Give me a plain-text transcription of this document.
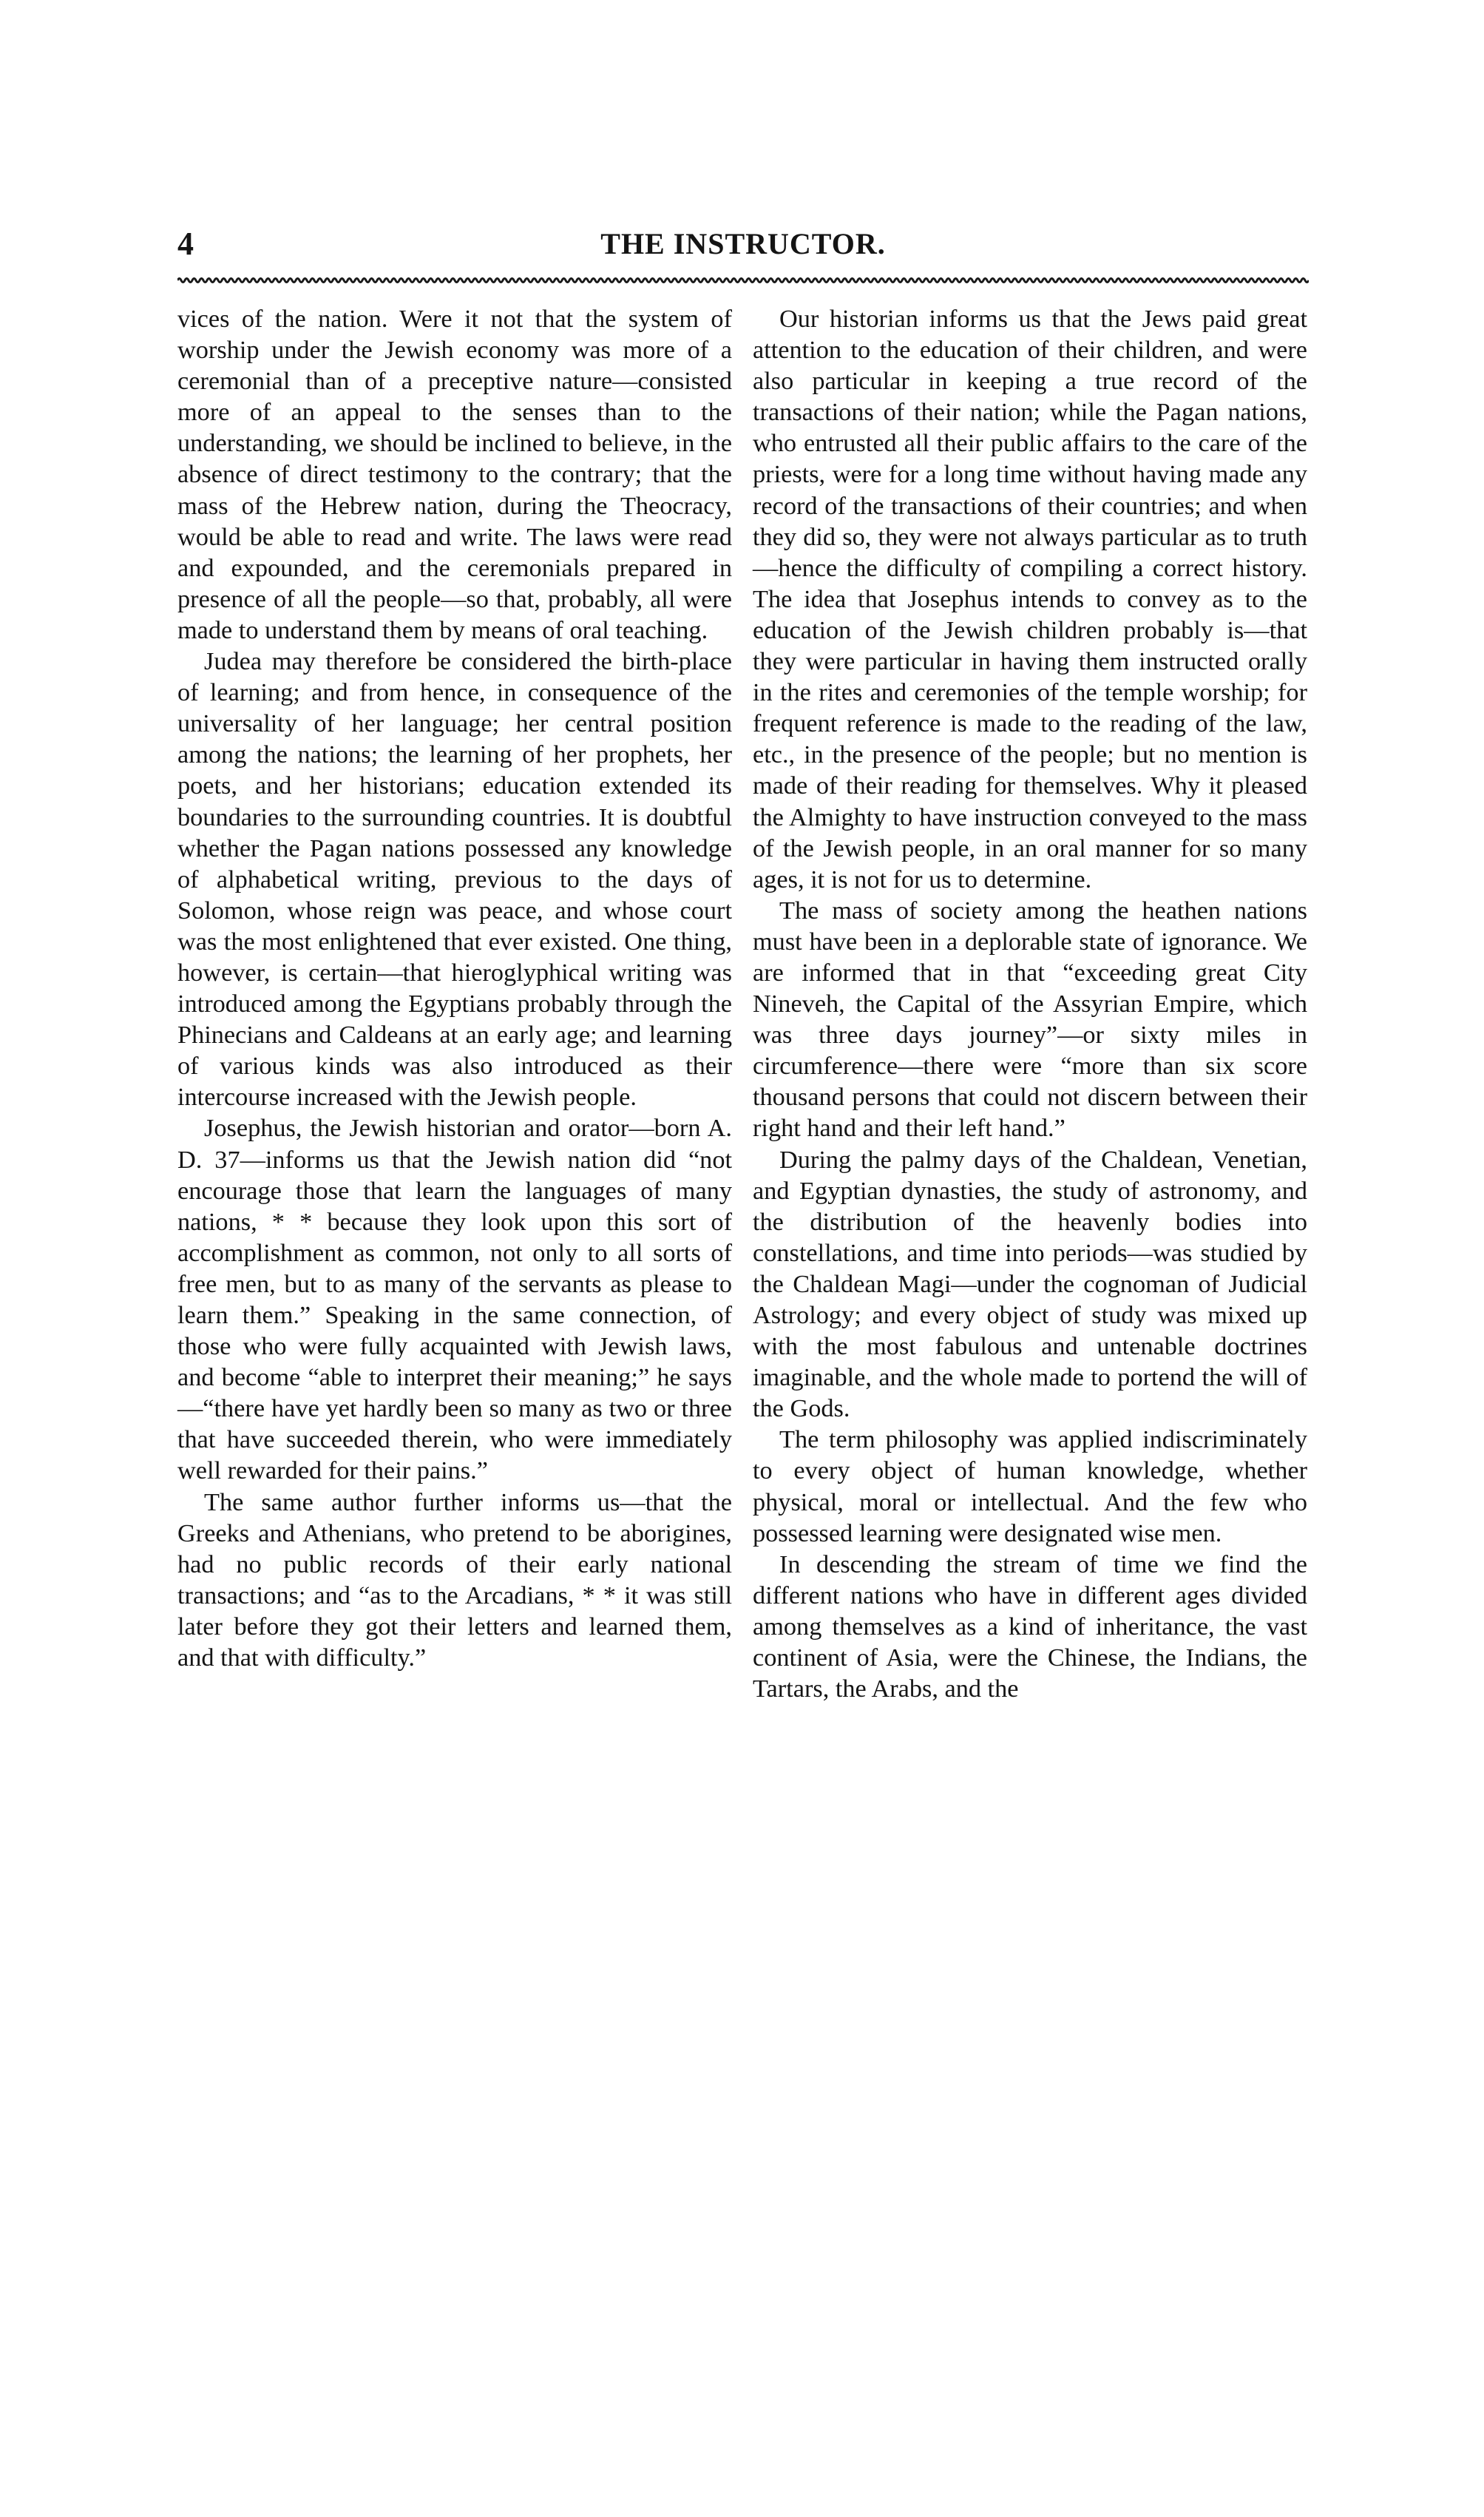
4	THE INSTRUCTOR.

vices of the nation. Were it not that the system of worship under the Jewish economy was more of a ceremonial than of a preceptive nature—consisted more of an appeal to the senses than to the understanding, we should be inclined to believe, in the absence of direct testimony to the contrary; that the mass of the Hebrew nation, during the Theocracy, would be able to read and write. The laws were read and expounded, and the ceremonials prepared in presence of all the people—so that, probably, all were made to understand them by means of oral teaching.

Judea may therefore be considered the birth-place of learning; and from hence, in consequence of the universality of her language; her central position among the nations; the learning of her prophets, her poets, and her historians; education extended its boundaries to the surrounding countries. It is doubtful whether the Pagan nations possessed any knowledge of alphabetical writing, previous to the days of Solomon, whose reign was peace, and whose court was the most enlightened that ever existed. One thing, however, is certain—that hieroglyphical writing was introduced among the Egyptians probably through the Phinecians and Caldeans at an early age; and learning of various kinds was also introduced as their intercourse increased with the Jewish people.

Josephus, the Jewish historian and orator—born A. D. 37—informs us that the Jewish nation did “not encourage those that learn the languages of many nations, * * because they look upon this sort of accomplishment as common, not only to all sorts of free men, but to as many of the servants as please to learn them.” Speaking in the same connection, of those who were fully acquainted with Jewish laws, and become “able to interpret their meaning;” he says—“there have yet hardly been so many as two or three that have succeeded therein, who were immediately well rewarded for their pains.”

The same author further informs us—that the Greeks and Athenians, who pretend to be aborigines, had no public records of their early national transactions; and “as to the Arcadians, * * it was still later before they got their letters and learned them, and that with difficulty.”

Our historian informs us that the Jews paid great attention to the education of their children, and were also particular in keeping a true record of the transactions of their nation; while the Pagan nations, who entrusted all their public affairs to the care of the priests, were for a long time without having made any record of the transactions of their countries; and when they did so, they were not always particular as to truth—hence the difficulty of compiling a correct history. The idea that Josephus intends to convey as to the education of the Jewish children probably is—that they were particular in having them instructed orally in the rites and ceremonies of the temple worship; for frequent reference is made to the reading of the law, etc., in the presence of the people; but no mention is made of their reading for themselves. Why it pleased the Almighty to have instruction conveyed to the mass of the Jewish people, in an oral manner for so many ages, it is not for us to determine.

The mass of society among the heathen nations must have been in a deplorable state of ignorance. We are informed that in that “exceeding great City Nineveh, the Capital of the Assyrian Empire, which was three days journey”—or sixty miles in circumference—there were “more than six score thousand persons that could not discern between their right hand and their left hand.”

During the palmy days of the Chaldean, Venetian, and Egyptian dynasties, the study of astronomy, and the distribution of the heavenly bodies into constellations, and time into periods—was studied by the Chaldean Magi—under the cognoman of Judicial Astrology; and every object of study was mixed up with the most fabulous and untenable doctrines imaginable, and the whole made to portend the will of the Gods.

The term philosophy was applied indiscriminately to every object of human knowledge, whether physical, moral or intellectual. And the few who possessed learning were designated wise men.

In descending the stream of time we find the different nations who have in different ages divided among themselves as a kind of inheritance, the vast continent of Asia, were the Chinese, the Indians, the Tartars, the Arabs, and the
